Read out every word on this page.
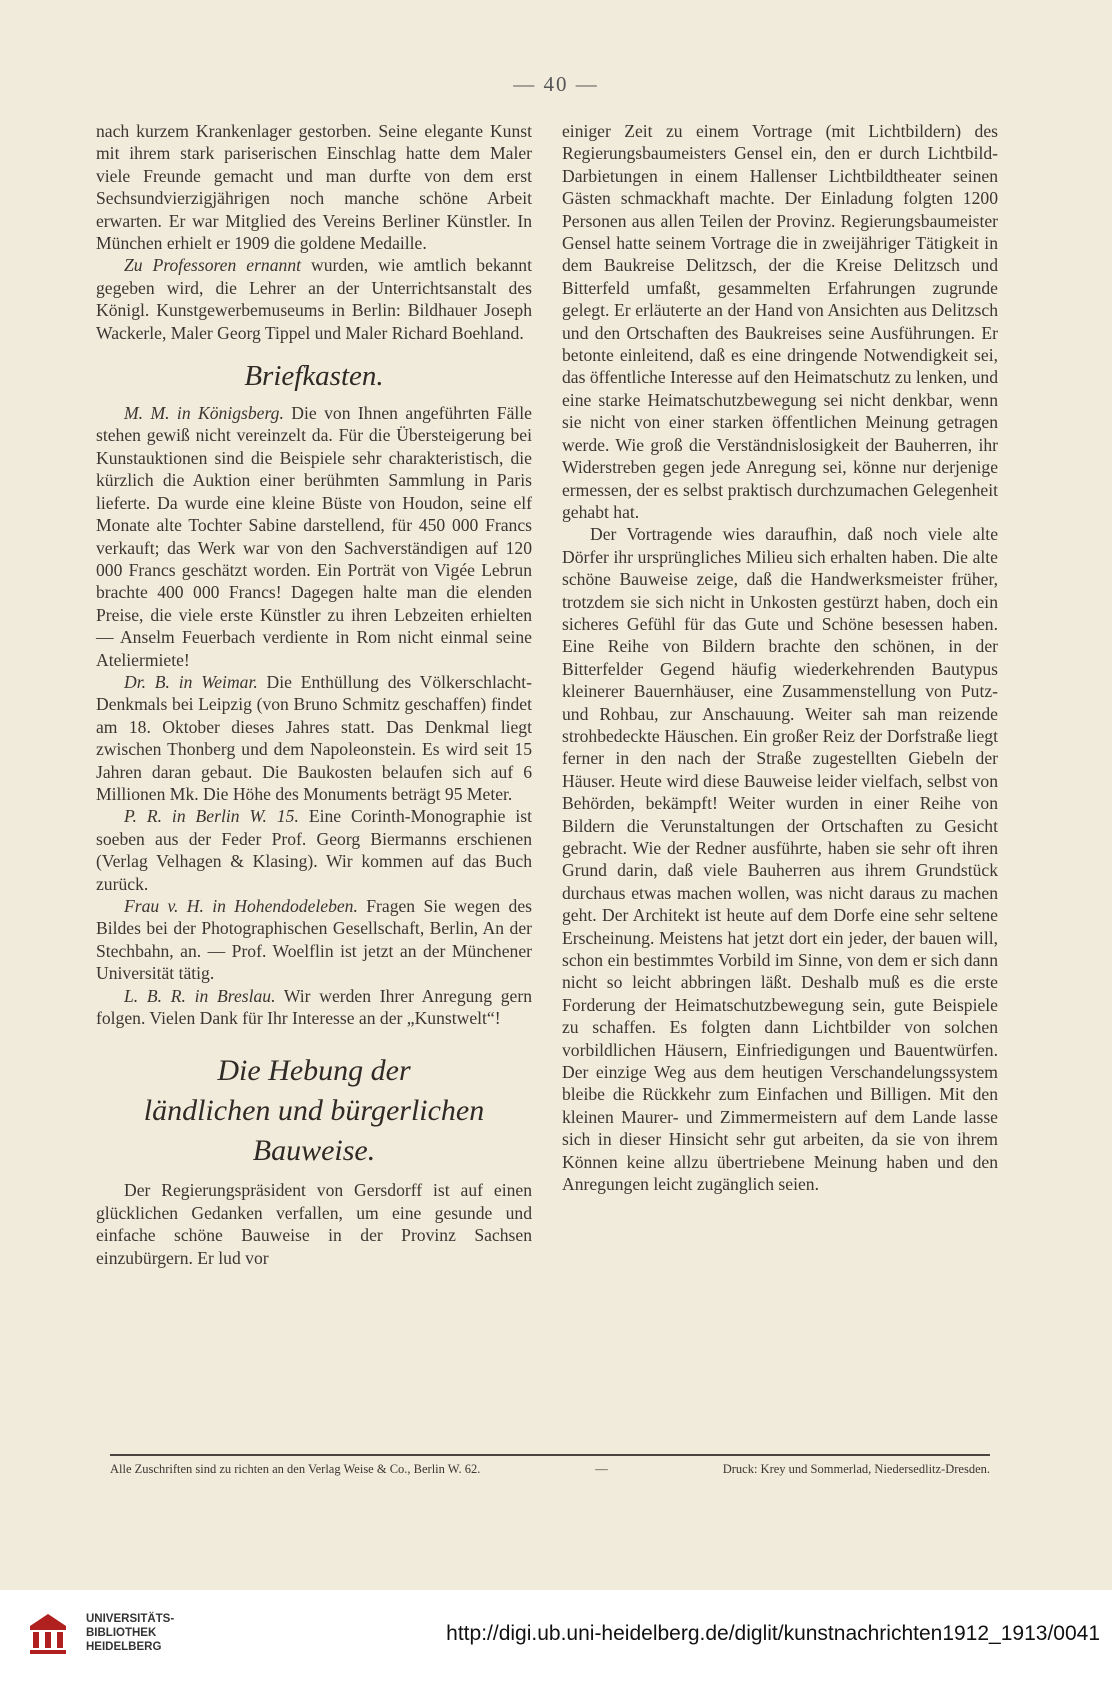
— 40 —

nach kurzem Krankenlager gestorben. Seine elegante Kunst mit ihrem stark pariserischen Einschlag hatte dem Maler viele Freunde gemacht und man durfte von dem erst Sechsundvierzigjährigen noch manche schöne Arbeit erwarten. Er war Mitglied des Vereins Berliner Künstler. In München erhielt er 1909 die goldene Medaille.

Zu Professoren ernannt wurden, wie amtlich bekannt gegeben wird, die Lehrer an der Unterrichtsanstalt des Königl. Kunstgewerbemuseums in Berlin: Bildhauer Joseph Wackerle, Maler Georg Tippel und Maler Richard Boehland.

Briefkasten.

M. M. in Königsberg. Die von Ihnen angeführten Fälle stehen gewiß nicht vereinzelt da. Für die Übersteigerung bei Kunstauktionen sind die Beispiele sehr charakteristisch, die kürzlich die Auktion einer berühmten Sammlung in Paris lieferte. Da wurde eine kleine Büste von Houdon, seine elf Monate alte Tochter Sabine darstellend, für 450 000 Francs verkauft; das Werk war von den Sachverständigen auf 120 000 Francs geschätzt worden. Ein Porträt von Vigée Lebrun brachte 400 000 Francs! Dagegen halte man die elenden Preise, die viele erste Künstler zu ihren Lebzeiten erhielten — Anselm Feuerbach verdiente in Rom nicht einmal seine Ateliermiete!

Dr. B. in Weimar. Die Enthüllung des Völkerschlacht-Denkmals bei Leipzig (von Bruno Schmitz geschaffen) findet am 18. Oktober dieses Jahres statt. Das Denkmal liegt zwischen Thonberg und dem Napoleonstein. Es wird seit 15 Jahren daran gebaut. Die Baukosten belaufen sich auf 6 Millionen Mk. Die Höhe des Monuments beträgt 95 Meter.

P. R. in Berlin W. 15. Eine Corinth-Monographie ist soeben aus der Feder Prof. Georg Biermanns erschienen (Verlag Velhagen & Klasing). Wir kommen auf das Buch zurück.

Frau v. H. in Hohendodeleben. Fragen Sie wegen des Bildes bei der Photographischen Gesellschaft, Berlin, An der Stechbahn, an. — Prof. Woelflin ist jetzt an der Münchener Universität tätig.

L. B. R. in Breslau. Wir werden Ihrer Anregung gern folgen. Vielen Dank für Ihr Interesse an der „Kunstwelt“!

Die Hebung der
ländlichen und bürgerlichen Bauweise.

Der Regierungspräsident von Gersdorff ist auf einen glücklichen Gedanken verfallen, um eine gesunde und einfache schöne Bauweise in der Provinz Sachsen einzubürgern. Er lud vor

einiger Zeit zu einem Vortrage (mit Lichtbildern) des Regierungsbaumeisters Gensel ein, den er durch Lichtbild-Darbietungen in einem Hallenser Lichtbildtheater seinen Gästen schmackhaft machte. Der Einladung folgten 1200 Personen aus allen Teilen der Provinz. Regierungsbaumeister Gensel hatte seinem Vortrage die in zweijähriger Tätigkeit in dem Baukreise Delitzsch, der die Kreise Delitzsch und Bitterfeld umfaßt, gesammelten Erfahrungen zugrunde gelegt. Er erläuterte an der Hand von Ansichten aus Delitzsch und den Ortschaften des Baukreises seine Ausführungen. Er betonte einleitend, daß es eine dringende Notwendigkeit sei, das öffentliche Interesse auf den Heimatschutz zu lenken, und eine starke Heimatschutzbewegung sei nicht denkbar, wenn sie nicht von einer starken öffentlichen Meinung getragen werde. Wie groß die Verständnislosigkeit der Bauherren, ihr Widerstreben gegen jede Anregung sei, könne nur derjenige ermessen, der es selbst praktisch durchzumachen Gelegenheit gehabt hat.

Der Vortragende wies daraufhin, daß noch viele alte Dörfer ihr ursprüngliches Milieu sich erhalten haben. Die alte schöne Bauweise zeige, daß die Handwerksmeister früher, trotzdem sie sich nicht in Unkosten gestürzt haben, doch ein sicheres Gefühl für das Gute und Schöne besessen haben. Eine Reihe von Bildern brachte den schönen, in der Bitterfelder Gegend häufig wiederkehrenden Bautypus kleinerer Bauernhäuser, eine Zusammenstellung von Putz- und Rohbau, zur Anschauung. Weiter sah man reizende strohbedeckte Häuschen. Ein großer Reiz der Dorfstraße liegt ferner in den nach der Straße zugestellten Giebeln der Häuser. Heute wird diese Bauweise leider vielfach, selbst von Behörden, bekämpft! Weiter wurden in einer Reihe von Bildern die Verunstaltungen der Ortschaften zu Gesicht gebracht. Wie der Redner ausführte, haben sie sehr oft ihren Grund darin, daß viele Bauherren aus ihrem Grundstück durchaus etwas machen wollen, was nicht daraus zu machen geht. Der Architekt ist heute auf dem Dorfe eine sehr seltene Erscheinung. Meistens hat jetzt dort ein jeder, der bauen will, schon ein bestimmtes Vorbild im Sinne, von dem er sich dann nicht so leicht abbringen läßt. Deshalb muß es die erste Forderung der Heimatschutzbewegung sein, gute Beispiele zu schaffen. Es folgten dann Lichtbilder von solchen vorbildlichen Häusern, Einfriedigungen und Bauentwürfen. Der einzige Weg aus dem heutigen Verschandelungssystem bleibe die Rückkehr zum Einfachen und Billigen. Mit den kleinen Maurer- und Zimmermeistern auf dem Lande lasse sich in dieser Hinsicht sehr gut arbeiten, da sie von ihrem Können keine allzu übertriebene Meinung haben und den Anregungen leicht zugänglich seien.

Alle Zuschriften sind zu richten an den Verlag Weise & Co., Berlin W. 62.	—	Druck: Krey und Sommerlad, Niedersedlitz-Dresden.
UNIVERSITÄTS-
BIBLIOTHEK
HEIDELBERG
http://digi.ub.uni-heidelberg.de/diglit/kunstnachrichten1912_1913/0041
